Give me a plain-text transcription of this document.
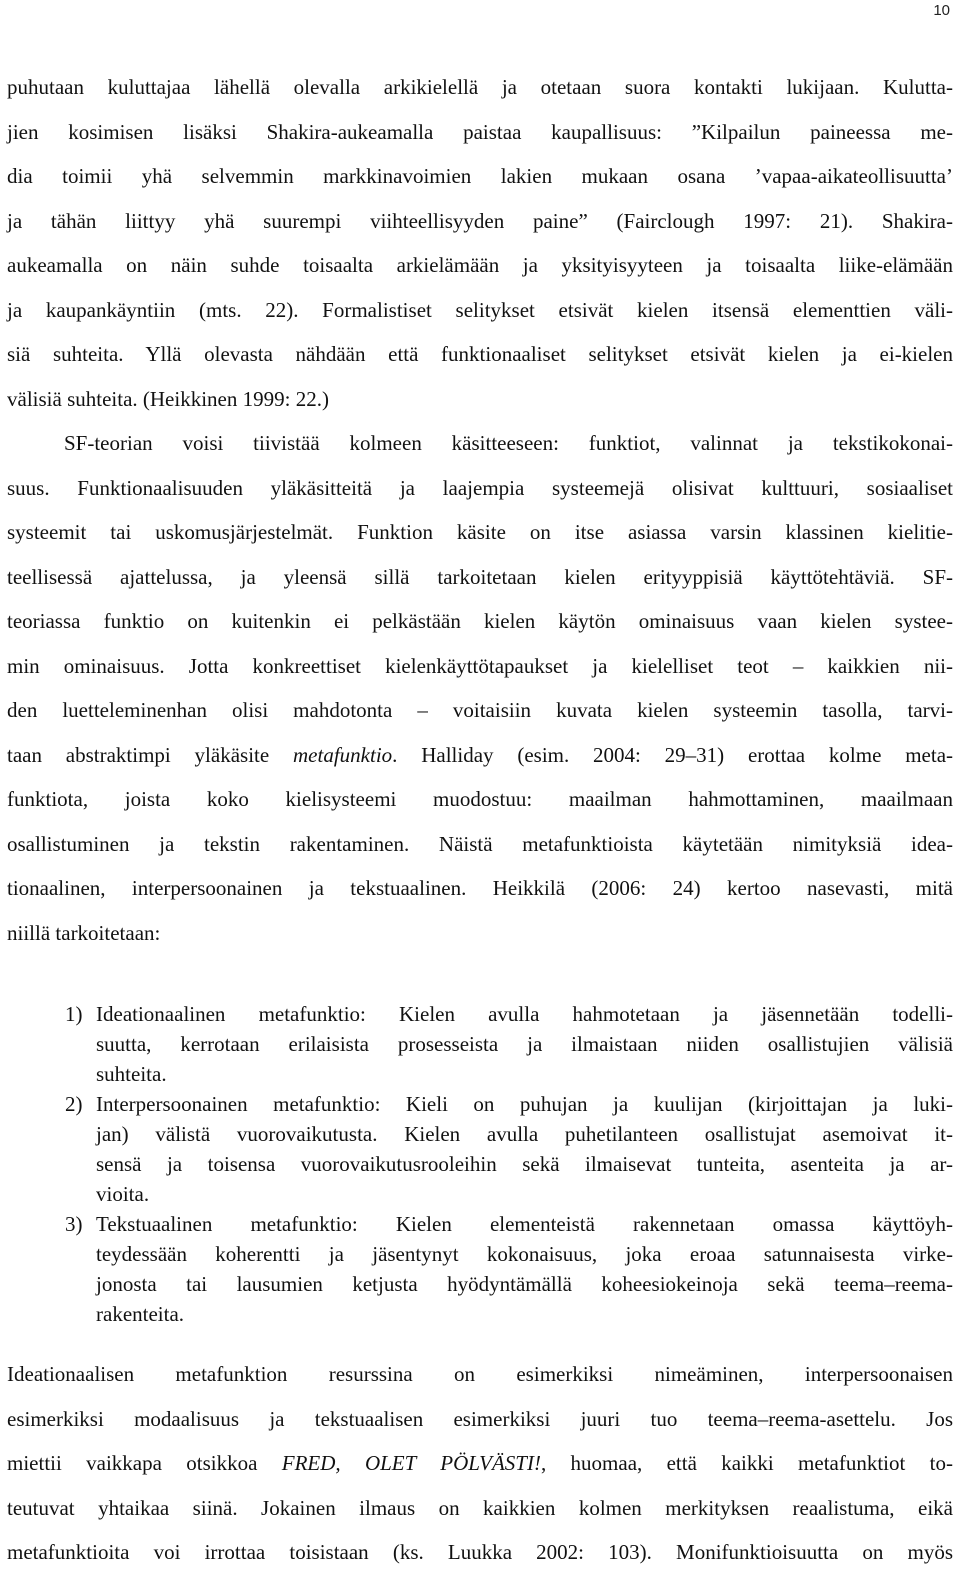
10
puhutaan kuluttajaa lähellä olevalla arkikielellä ja otetaan suora kontakti lukijaan. Kulutta-
jien kosimisen lisäksi Shakira-aukeamalla paistaa kaupallisuus: ”Kilpailun paineessa me-
dia toimii yhä selvemmin markkinavoimien lakien mukaan osana ’vapaa-aikateollisuutta’
ja tähän liittyy yhä suurempi viihteellisyyden paine” (Fairclough 1997: 21). Shakira-
aukeamalla on näin suhde toisaalta arkielämään ja yksityisyyteen ja toisaalta liike-elämään
ja kaupankäyntiin (mts. 22). Formalistiset selitykset etsivät kielen itsensä elementtien väli-
siä suhteita. Yllä olevasta nähdään että funktionaaliset selitykset etsivät kielen ja ei-kielen
välisiä suhteita. (Heikkinen 1999: 22.)
SF-teorian voisi tiivistää kolmeen käsitteeseen: funktiot, valinnat ja tekstikokonai-
suus. Funktionaalisuuden yläkäsitteitä ja laajempia systeemejä olisivat kulttuuri, sosiaaliset
systeemit tai uskomusjärjestelmät. Funktion käsite on itse asiassa varsin klassinen kielitie-
teellisessä ajattelussa, ja yleensä sillä tarkoitetaan kielen erityyppisiä käyttötehtäviä. SF-
teoriassa funktio on kuitenkin ei pelkästään kielen käytön ominaisuus vaan kielen systee-
min ominaisuus. Jotta konkreettiset kielenkäyttötapaukset ja kielelliset teot – kaikkien nii-
den luetteleminenhan olisi mahdotonta – voitaisiin kuvata kielen systeemin tasolla, tarvi-
taan abstraktimpi yläkäsite metafunktio. Halliday (esim. 2004: 29–31) erottaa kolme meta-
funktiota, joista koko kielisysteemi muodostuu: maailman hahmottaminen, maailmaan
osallistuminen ja tekstin rakentaminen. Näistä metafunktioista käytetään nimityksiä idea-
tionaalinen, interpersoonainen ja tekstuaalinen. Heikkilä (2006: 24) kertoo nasevasti, mitä
niillä tarkoitetaan:
1) Ideationaalinen metafunktio: Kielen avulla hahmotetaan ja jäsennetään todelli-
suutta, kerrotaan erilaisista prosesseista ja ilmaistaan niiden osallistujien välisiä
suhteita.
2) Interpersoonainen metafunktio: Kieli on puhujan ja kuulijan (kirjoittajan ja luki-
jan) välistä vuorovaikutusta. Kielen avulla puhetilanteen osallistujat asemoivat it-
sensä ja toisensa vuorovaikutusrooleihin sekä ilmaisevat tunteita, asenteita ja ar-
vioita.
3) Tekstuaalinen metafunktio: Kielen elementeistä rakennetaan omassa käyttöyh-
teydessään koherentti ja jäsentynyt kokonaisuus, joka eroaa satunnaisesta virke-
jonosta tai lausumien ketjusta hyödyntämällä koheesiokeinoja sekä teema–reema-
rakenteita.
Ideationaalisen metafunktion resurssina on esimerkiksi nimeäminen, interpersoonaisen
esimerkiksi modaalisuus ja tekstuaalisen esimerkiksi juuri tuo teema–reema-asettelu. Jos
miettii vaikkapa otsikkoa FRED, OLET PÖLVÄSTI!, huomaa, että kaikki metafunktiot to-
teutuvat yhtaikaa siinä. Jokainen ilmaus on kaikkien kolmen merkityksen reaalistuma, eikä
metafunktioita voi irrottaa toisistaan (ks. Luukka 2002: 103). Monifunktioisuutta on myös
